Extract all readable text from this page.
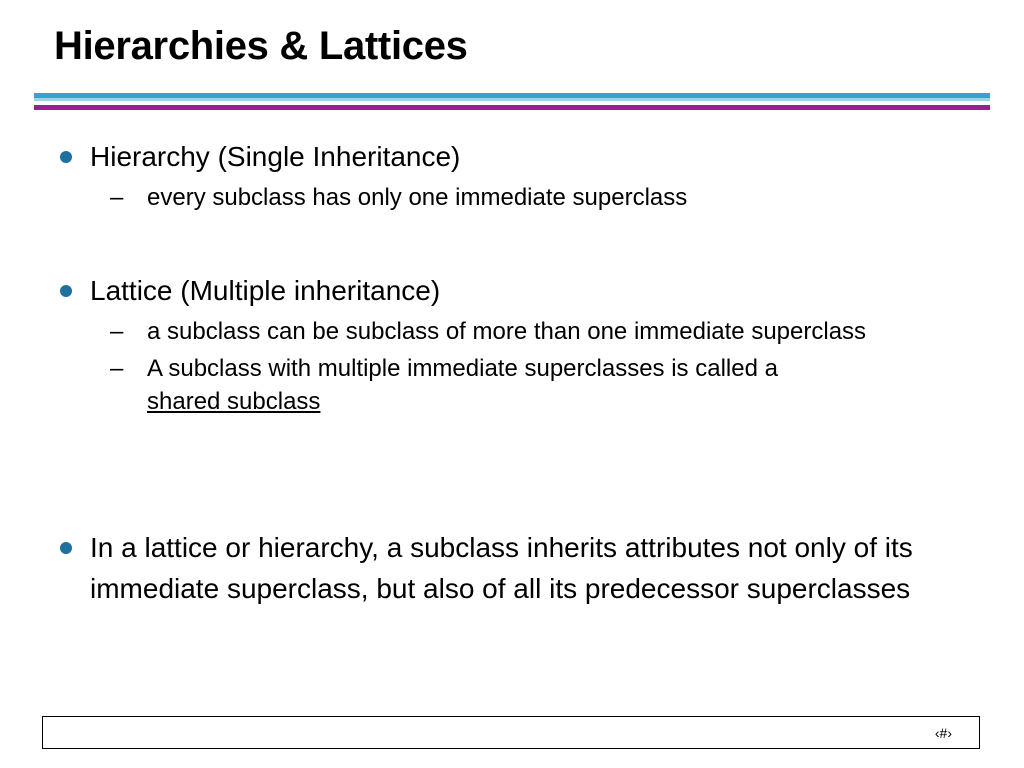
Hierarchies & Lattices
Hierarchy (Single Inheritance)
– every subclass has only one immediate superclass
Lattice (Multiple inheritance)
– a subclass can be subclass of more than one immediate superclass
– A subclass with multiple immediate superclasses is called a
shared subclass
In a lattice or hierarchy, a subclass inherits attributes not only of its immediate superclass, but also of all its predecessor superclasses
‹#›
